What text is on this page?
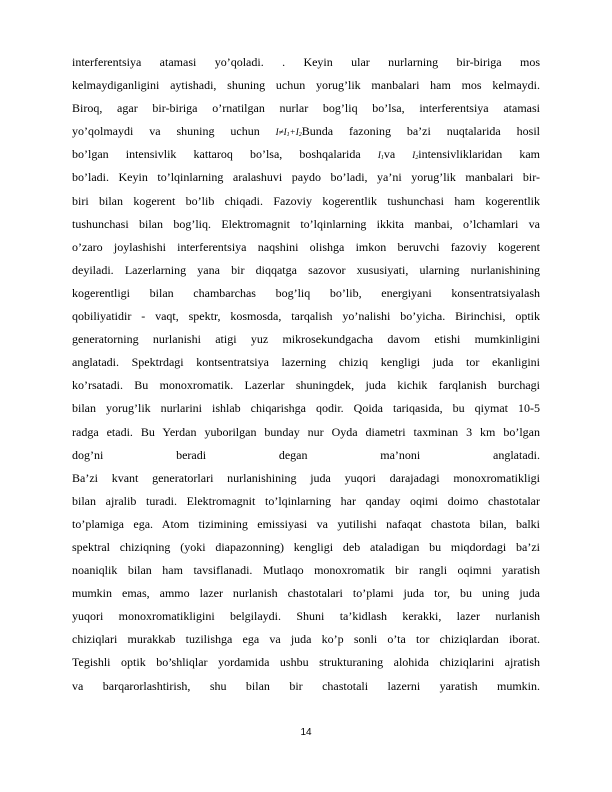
interferentsiya atamasi yo’qoladi. . Keyin ular nurlarning bir-biriga mos
kelmaydiganligini aytishadi, shuning uchun yorug’lik manbalari ham mos kelmaydi.
Biroq, agar bir-biriga o’rnatilgan nurlar bog’liq bo’lsa, interferentsiya atamasi
yo’qolmaydi va shuning uchun $I\ne I_1+I_2Bunda$ fazoning ba’zi nuqtalarida hosil
bo’lgan intensivlik kattaroq bo’lsa, boshqalarida $I_1va$ $I_2intensivliklaridan$ kam
bo’ladi. Keyin to’lqinlarning aralashuvi paydo bo’ladi, ya’ni yorug’lik manbalari bir-
biri bilan kogerent bo’lib chiqadi. Fazoviy kogerentlik tushunchasi ham kogerentlik
tushunchasi bilan bog’liq. Elektromagnit to’lqinlarning ikkita manbai, o’lchamlari va
o’zaro joylashishi interferentsiya naqshini olishga imkon beruvchi fazoviy kogerent
deyiladi. Lazerlarning yana bir diqqatga sazovor xususiyati, ularning nurlanishining
kogerentligi bilan chambarchas bog’liq bo’lib, energiyani konsentratsiyalash
qobiliyatidir - vaqt, spektr, kosmosda, tarqalish yo’nalishi bo’yicha. Birinchisi, optik
generatorning nurlanishi atigi yuz mikrosekundgacha davom etishi mumkinligini
anglatadi. Spektrdagi kontsentratsiya lazerning chiziq kengligi juda tor ekanligini
ko’rsatadi. Bu monoxromatik. Lazerlar shuningdek, juda kichik farqlanish burchagi
bilan yorug’lik nurlarini ishlab chiqarishga qodir. Qoida tariqasida, bu qiymat 10-5
radga etadi. Bu Yerdan yuborilgan bunday nur Oyda diametri taxminan 3 km bo’lgan
dog’ni beradi degan ma’noni anglatadi.
Ba’zi kvant generatorlari nurlanishining juda yuqori darajadagi monoxromatikligi
bilan ajralib turadi. Elektromagnit to’lqinlarning har qanday oqimi doimo chastotalar
to’plamiga ega. Atom tizimining emissiyasi va yutilishi nafaqat chastota bilan, balki
spektral chiziqning (yoki diapazonning) kengligi deb ataladigan bu miqdordagi ba’zi
noaniqlik bilan ham tavsiflanadi. Mutlaqo monoxromatik bir rangli oqimni yaratish
mumkin emas, ammo lazer nurlanish chastotalari to’plami juda tor, bu uning juda
yuqori monoxromatikligini belgilaydi. Shuni ta’kidlash kerakki, lazer nurlanish
chiziqlari murakkab tuzilishga ega va juda ko’p sonli o’ta tor chiziqlardan iborat.
Tegishli optik bo’shliqlar yordamida ushbu strukturaning alohida chiziqlarini ajratish
va barqarorlashtirish, shu bilan bir chastotali lazerni yaratish mumkin.
14
